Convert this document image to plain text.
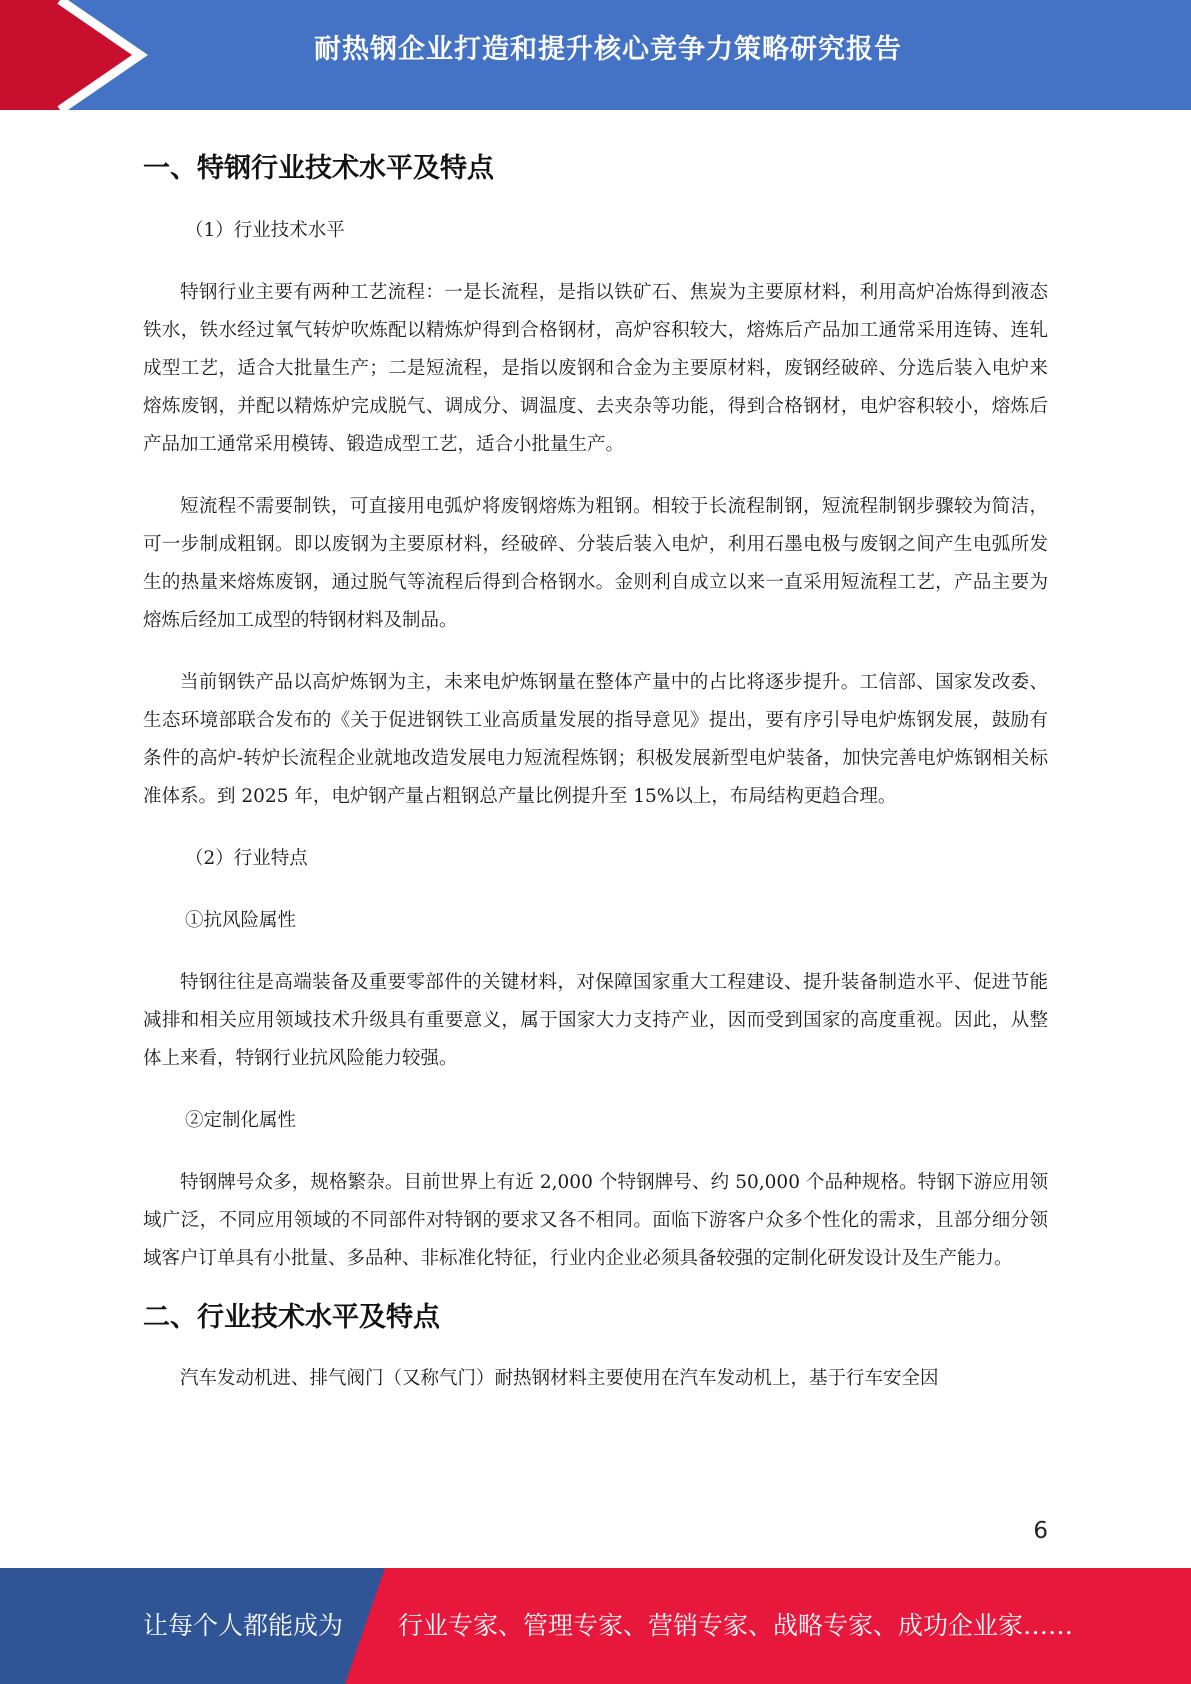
耐热钢企业打造和提升核心竞争力策略研究报告
一、特钢行业技术水平及特点

（1）行业技术水平

特钢行业主要有两种工艺流程：一是长流程，是指以铁矿石、焦炭为主要原材料，利用高炉冶炼得到液态铁水，铁水经过氧气转炉吹炼配以精炼炉得到合格钢材，高炉容积较大，熔炼后产品加工通常采用连铸、连轧成型工艺，适合大批量生产；二是短流程，是指以废钢和合金为主要原材料，废钢经破碎、分选后装入电炉来熔炼废钢，并配以精炼炉完成脱气、调成分、调温度、去夹杂等功能，得到合格钢材，电炉容积较小，熔炼后产品加工通常采用模铸、锻造成型工艺，适合小批量生产。

短流程不需要制铁，可直接用电弧炉将废钢熔炼为粗钢。相较于长流程制钢，短流程制钢步骤较为简洁，可一步制成粗钢。即以废钢为主要原材料，经破碎、分装后装入电炉，利用石墨电极与废钢之间产生电弧所发生的热量来熔炼废钢，通过脱气等流程后得到合格钢水。金则利自成立以来一直采用短流程工艺，产品主要为熔炼后经加工成型的特钢材料及制品。

当前钢铁产品以高炉炼钢为主，未来电炉炼钢量在整体产量中的占比将逐步提升。工信部、国家发改委、生态环境部联合发布的《关于促进钢铁工业高质量发展的指导意见》提出，要有序引导电炉炼钢发展，鼓励有条件的高炉-转炉长流程企业就地改造发展电力短流程炼钢；积极发展新型电炉装备，加快完善电炉炼钢相关标准体系。到 2025 年，电炉钢产量占粗钢总产量比例提升至 15%以上，布局结构更趋合理。

（2）行业特点

①抗风险属性

特钢往往是高端装备及重要零部件的关键材料，对保障国家重大工程建设、提升装备制造水平、促进节能减排和相关应用领域技术升级具有重要意义，属于国家大力支持产业，因而受到国家的高度重视。因此，从整体上来看，特钢行业抗风险能力较强。

②定制化属性

特钢牌号众多，规格繁杂。目前世界上有近 2,000 个特钢牌号、约 50,000 个品种规格。特钢下游应用领域广泛，不同应用领域的不同部件对特钢的要求又各不相同。面临下游客户众多个性化的需求，且部分细分领域客户订单具有小批量、多品种、非标准化特征，行业内企业必须具备较强的定制化研发设计及生产能力。

二、行业技术水平及特点

汽车发动机进、排气阀门（又称气门）耐热钢材料主要使用在汽车发动机上，基于行车安全因

6
让每个人都能成为 行业专家、管理专家、营销专家、战略专家、成功企业家……
